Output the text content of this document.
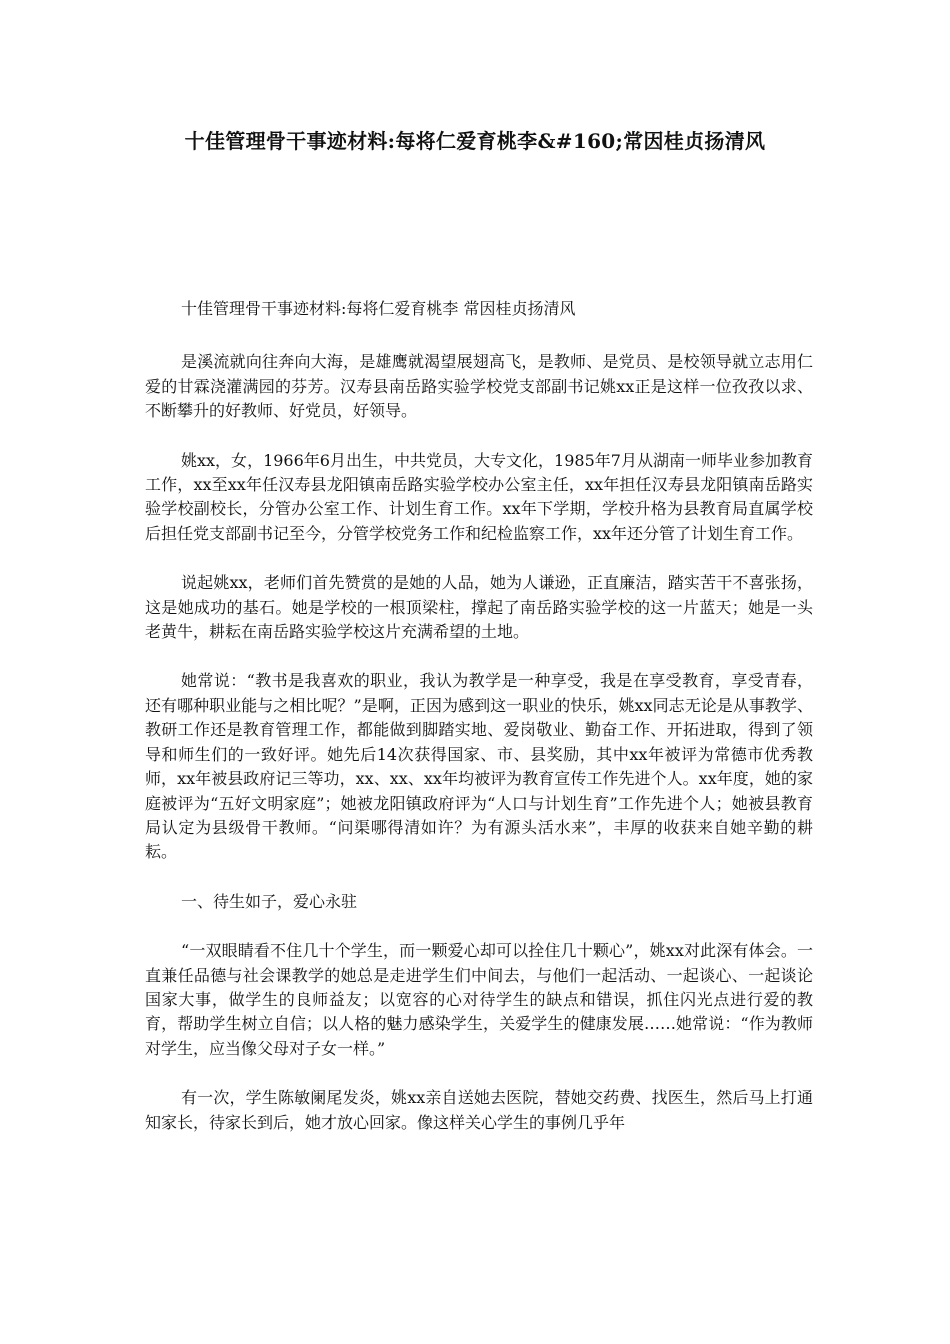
十佳管理骨干事迹材料:每将仁爱育桃李&#160;常因桂贞扬清风

十佳管理骨干事迹材料:每将仁爱育桃李 常因桂贞扬清风

是溪流就向往奔向大海，是雄鹰就渴望展翅高飞，是教师、是党员、是校领导就立志用仁爱的甘霖浇灌满园的芬芳。汉寿县南岳路实验学校党支部副书记姚xx正是这样一位孜孜以求、不断攀升的好教师、好党员，好领导。

姚xx，女，1966年6月出生，中共党员，大专文化，1985年7月从湖南一师毕业参加教育工作，xx至xx年任汉寿县龙阳镇南岳路实验学校办公室主任，xx年担任汉寿县龙阳镇南岳路实验学校副校长，分管办公室工作、计划生育工作。xx年下学期，学校升格为县教育局直属学校后担任党支部副书记至今，分管学校党务工作和纪检监察工作，xx年还分管了计划生育工作。

说起姚xx，老师们首先赞赏的是她的人品，她为人谦逊，正直廉洁，踏实苦干不喜张扬，这是她成功的基石。她是学校的一根顶梁柱，撑起了南岳路实验学校的这一片蓝天；她是一头老黄牛，耕耘在南岳路实验学校这片充满希望的土地。

她常说：“教书是我喜欢的职业，我认为教学是一种享受，我是在享受教育，享受青春，还有哪种职业能与之相比呢？”是啊，正因为感到这一职业的快乐，姚xx同志无论是从事教学、教研工作还是教育管理工作，都能做到脚踏实地、爱岗敬业、勤奋工作、开拓进取，得到了领导和师生们的一致好评。她先后14次获得国家、市、县奖励，其中xx年被评为常德市优秀教师，xx年被县政府记三等功，xx、xx、xx年均被评为教育宣传工作先进个人。xx年度，她的家庭被评为“五好文明家庭”；她被龙阳镇政府评为“人口与计划生育”工作先进个人；她被县教育局认定为县级骨干教师。“问渠哪得清如许？为有源头活水来”，丰厚的收获来自她辛勤的耕耘。

一、待生如子，爱心永驻

“一双眼睛看不住几十个学生，而一颗爱心却可以拴住几十颗心”，姚xx对此深有体会。一直兼任品德与社会课教学的她总是走进学生们中间去，与他们一起活动、一起谈心、一起谈论国家大事，做学生的良师益友；以宽容的心对待学生的缺点和错误，抓住闪光点进行爱的教育，帮助学生树立自信；以人格的魅力感染学生，关爱学生的健康发展……她常说：“作为教师对学生，应当像父母对子女一样。”

有一次，学生陈敏阑尾发炎，姚xx亲自送她去医院，替她交药费、找医生，然后马上打通知家长，待家长到后，她才放心回家。像这样关心学生的事例几乎年
